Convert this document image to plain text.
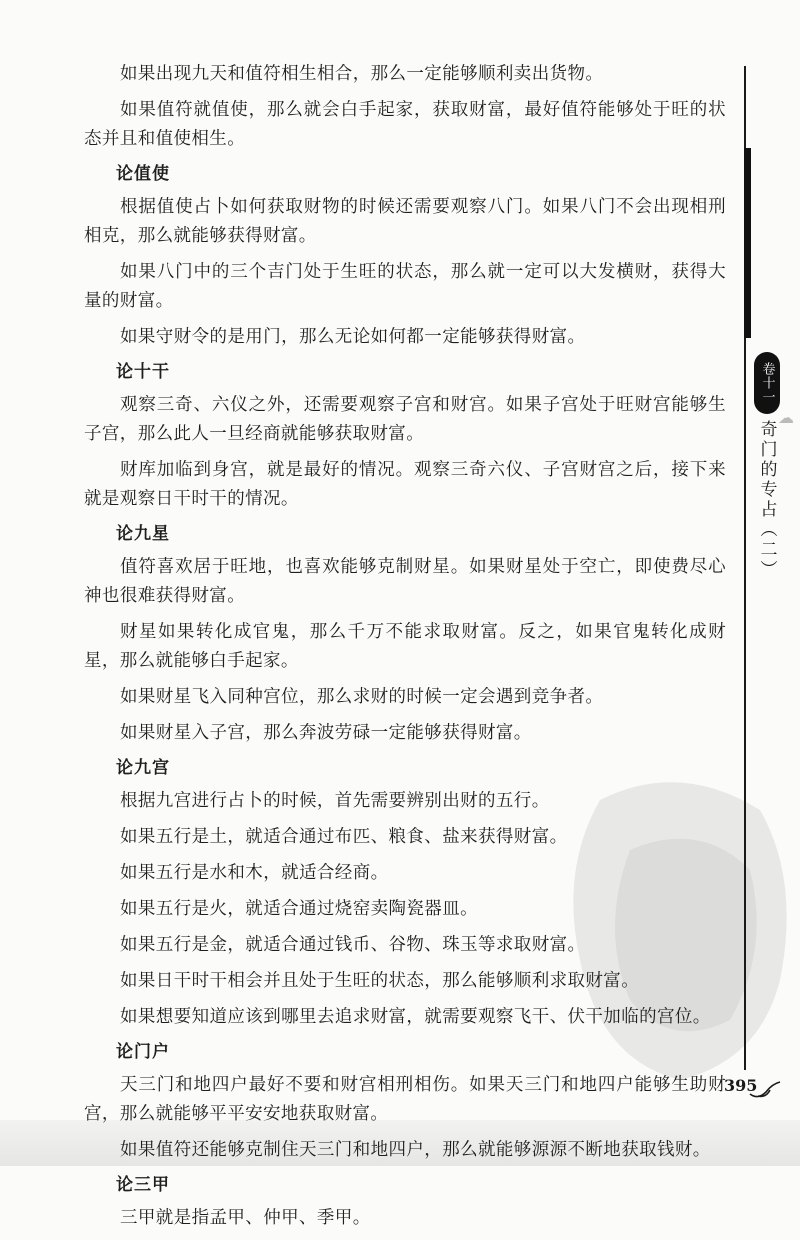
如果出现九天和值符相生相合，那么一定能够顺利卖出货物。
如果值符就值使，那么就会白手起家，获取财富，最好值符能够处于旺的状态并且和值使相生。
论值使
根据值使占卜如何获取财物的时候还需要观察八门。如果八门不会出现相刑相克，那么就能够获得财富。
如果八门中的三个吉门处于生旺的状态，那么就一定可以大发横财，获得大量的财富。
如果守财令的是用门，那么无论如何都一定能够获得财富。
论十干
观察三奇、六仪之外，还需要观察子宫和财宫。如果子宫处于旺财宫能够生子宫，那么此人一旦经商就能够获取财富。
财库加临到身宫，就是最好的情况。观察三奇六仪、子宫财宫之后，接下来就是观察日干时干的情况。
论九星
值符喜欢居于旺地，也喜欢能够克制财星。如果财星处于空亡，即使费尽心神也很难获得财富。
财星如果转化成官鬼，那么千万不能求取财富。反之，如果官鬼转化成财星，那么就能够白手起家。
如果财星飞入同种宫位，那么求财的时候一定会遇到竞争者。
如果财星入子宫，那么奔波劳碌一定能够获得财富。
论九宫
根据九宫进行占卜的时候，首先需要辨别出财的五行。
如果五行是土，就适合通过布匹、粮食、盐来获得财富。
如果五行是水和木，就适合经商。
如果五行是火，就适合通过烧窑卖陶瓷器皿。
如果五行是金，就适合通过钱币、谷物、珠玉等求取财富。
如果日干时干相会并且处于生旺的状态，那么能够顺利求取财富。
如果想要知道应该到哪里去追求财富，就需要观察飞干、伏干加临的宫位。
论门户
天三门和地四户最好不要和财宫相刑相伤。如果天三门和地四户能够生助财宫，那么就能够平平安安地获取财富。
如果值符还能够克制住天三门和地四户，那么就能够源源不断地获取钱财。
论三甲
三甲就是指孟甲、仲甲、季甲。
卷十一
奇门的专占（二）
☁
395
